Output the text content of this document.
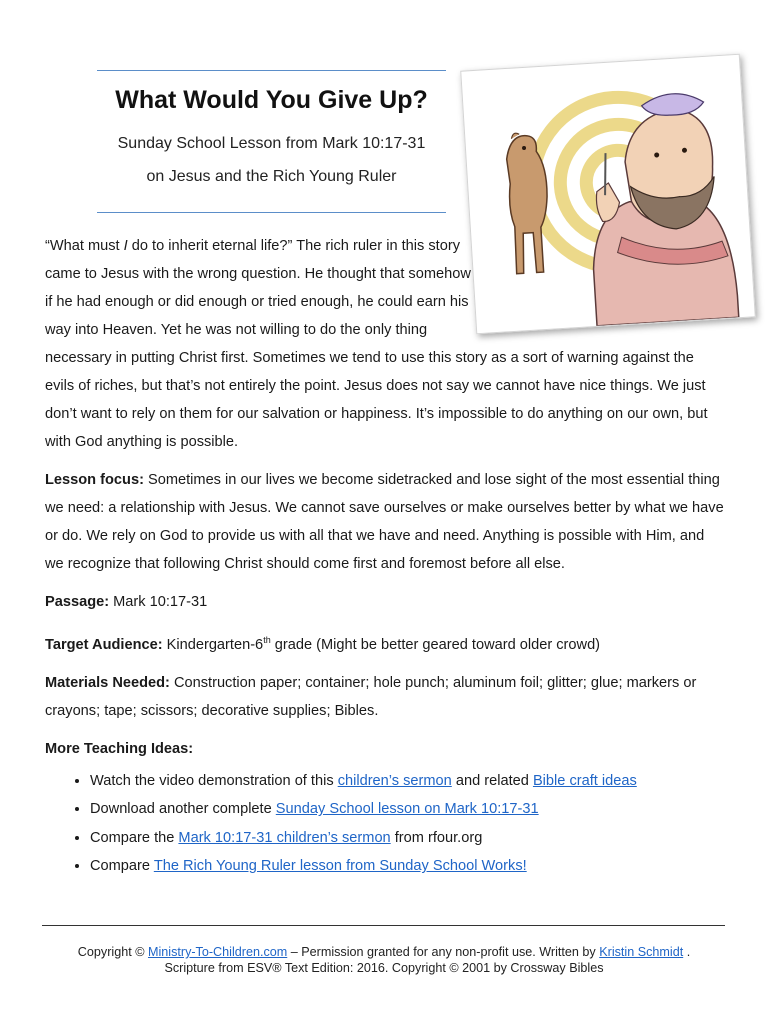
What Would You Give Up?
Sunday School Lesson from Mark 10:17-31
on Jesus and the Rich Young Ruler

“What must I do to inherit eternal life?” The rich ruler in this story came to Jesus with the wrong question. He thought that somehow if he had enough or did enough or tried enough, he could earn his way into Heaven. Yet he was not willing to do the only thing necessary in putting Christ first. Sometimes we tend to use this story as a sort of warning against the evils of riches, but that’s not entirely the point. Jesus does not say we cannot have nice things. We just don’t want to rely on them for our salvation or happiness. It’s impossible to do anything on our own, but with God anything is possible.

Lesson focus: Sometimes in our lives we become sidetracked and lose sight of the most essential thing we need: a relationship with Jesus. We cannot save ourselves or make ourselves better by what we have or do. We rely on God to provide us with all that we have and need. Anything is possible with Him, and we recognize that following Christ should come first and foremost before all else.

Passage: Mark 10:17-31

Target Audience: Kindergarten-6th grade (Might be better geared toward older crowd)

Materials Needed: Construction paper; container; hole punch; aluminum foil; glitter; glue; markers or crayons; tape; scissors; decorative supplies; Bibles.

More Teaching Ideas:

• Watch the video demonstration of this children’s sermon and related Bible craft ideas
• Download another complete Sunday School lesson on Mark 10:17-31
• Compare the Mark 10:17-31 children’s sermon from rfour.org
• Compare The Rich Young Ruler lesson from Sunday School Works!
Copyright © Ministry-To-Children.com – Permission granted for any non-profit use. Written by Kristin Schmidt .
Scripture from ESV® Text Edition: 2016. Copyright © 2001 by Crossway Bibles
